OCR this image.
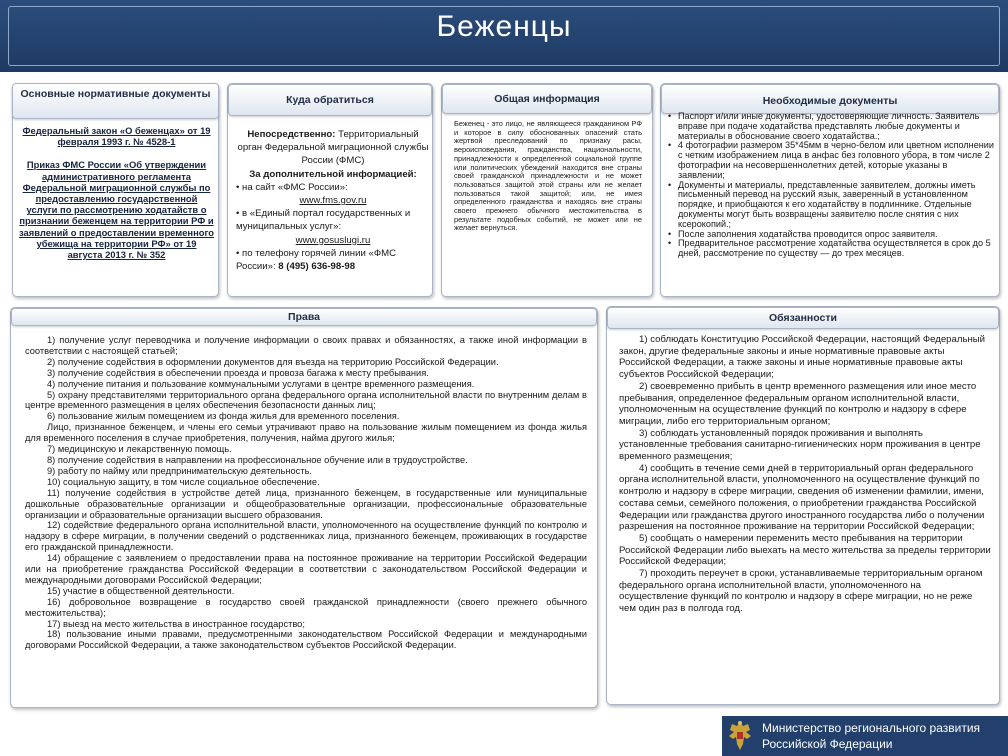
Беженцы
Основные нормативные документы
Федеральный закон «О беженцах» от 19 февраля 1993 г. № 4528-1
Приказ ФМС России «Об утверждении административного регламента Федеральной миграционной службы по предоставлению государственной услуги по рассмотрению ходатайств о признании беженцем на территории РФ и заявлений о предоставлении временного убежища на территории РФ» от 19 августа 2013 г. № 352
Куда обратиться
Непосредственно: Территориальный орган Федеральной миграционной службы России (ФМС)
За дополнительной информацией:
• на сайт «ФМС России»:
www.fms.gov.ru
• в «Единый портал государственных и муниципальных услуг»:
www.gosuslugi.ru
• по телефону горячей линии «ФМС России»: 8 (495) 636-98-98
Общая информация
Беженец - это лицо, не являющееся гражданином РФ и которое в силу обоснованных опасений стать жертвой преследований по признаку расы, вероисповедания, гражданства, национальности, принадлежности к определенной социальной группе или политических убеждений находится вне страны своей гражданской принадлежности и не может пользоваться защитой этой страны или не желает пользоваться такой защитой; или, не имея определенного гражданства и находясь вне страны своего прежнего обычного местожительства в результате подобных событий, не может или не желает вернуться.
Необходимые документы
• Паспорт и/или иные документы, удостоверяющие личность. Заявитель вправе при подаче ходатайства представлять любые документы и материалы в обоснование своего ходатайства.;
• 4 фотографии размером 35*45мм в черно-белом или цветном исполнении с четким изображением лица в анфас без головного убора, в том числе 2 фотографии на несовершеннолетних детей, которые указаны в заявлении;
• Документы и материалы, представленные заявителем, должны иметь письменный перевод на русский язык, заверенный в установленном порядке, и приобщаются к его ходатайству в подлиннике. Отдельные документы могут быть возвращены заявителю после снятия с них ксерокопий.;
• После заполнения ходатайства проводится опрос заявителя.
• Предварительное рассмотрение ходатайства осуществляется в срок до 5 дней, рассмотрение по существу — до трех месяцев.
Права

1) получение услуг переводчика и получение информации о своих правах и обязанностях, а также иной информации в соответствии с настоящей статьей;

2) получение содействия в оформлении документов для въезда на территорию Российской Федерации.

3) получение содействия в обеспечении проезда и провоза багажа к месту пребывания.

4) получение питания и пользование коммунальными услугами в центре временного размещения.

5) охрану представителями территориального органа федерального органа исполнительной власти по внутренним делам в центре временного размещения в целях обеспечения безопасности данных лиц;

6) пользование жилым помещением из фонда жилья для временного поселения.

Лицо, признанное беженцем, и члены его семьи утрачивают право на пользование жилым помещением из фонда жилья для временного поселения в случае приобретения, получения, найма другого жилья;

7) медицинскую и лекарственную помощь.

8) получение содействия в направлении на профессиональное обучение или в трудоустройстве.

9) работу по найму или предпринимательскую деятельность.

10) социальную защиту, в том числе социальное обеспечение.

11) получение содействия в устройстве детей лица, признанного беженцем, в государственные или муниципальные дошкольные образовательные организации и общеобразовательные организации, профессиональные образовательные организации и образовательные организации высшего образования.

12) содействие федерального органа исполнительной власти, уполномоченного на осуществление функций по контролю и надзору в сфере миграции, в получении сведений о родственниках лица, признанного беженцем, проживающих в государстве его гражданской принадлежности.

14) обращение с заявлением о предоставлении права на постоянное проживание на территории Российской Федерации или на приобретение гражданства Российской Федерации в соответствии с законодательством Российской Федерации и международными договорами Российской Федерации;

15) участие в общественной деятельности.

16) добровольное возвращение в государство своей гражданской принадлежности (своего прежнего обычного местожительства);

17) выезд на место жительства в иностранное государство;

18) пользование иными правами, предусмотренными законодательством Российской Федерации и международными договорами Российской Федерации, а также законодательством субъектов Российской Федерации.

Обязанности

1) соблюдать Конституцию Российской Федерации, настоящий Федеральный закон, другие федеральные законы и иные нормативные правовые акты Российской Федерации, а также законы и иные нормативные правовые акты субъектов Российской Федерации;

2) своевременно прибыть в центр временного размещения или иное место пребывания, определенное федеральным органом исполнительной власти, уполномоченным на осуществление функций по контролю и надзору в сфере миграции, либо его территориальным органом;

3) соблюдать установленный порядок проживания и выполнять установленные требования санитарно-гигиенических норм проживания в центре временного размещения;

4) сообщить в течение семи дней в территориальный орган федерального органа исполнительной власти, уполномоченного на осуществление функций по контролю и надзору в сфере миграции, сведения об изменении фамилии, имени, состава семьи, семейного положения, о приобретении гражданства Российской Федерации или гражданства другого иностранного государства либо о получении разрешения на постоянное проживание на территории Российской Федерации;

5) сообщать о намерении переменить место пребывания на территории Российской Федерации либо выехать на место жительства за пределы территории Российской Федерации;

7) проходить переучет в сроки, устанавливаемые территориальным органом федерального органа исполнительной власти, уполномоченного на осуществление функций по контролю и надзору в сфере миграции, но не реже чем один раз в полгода год.

Министерство регионального развития
Российской Федерации
